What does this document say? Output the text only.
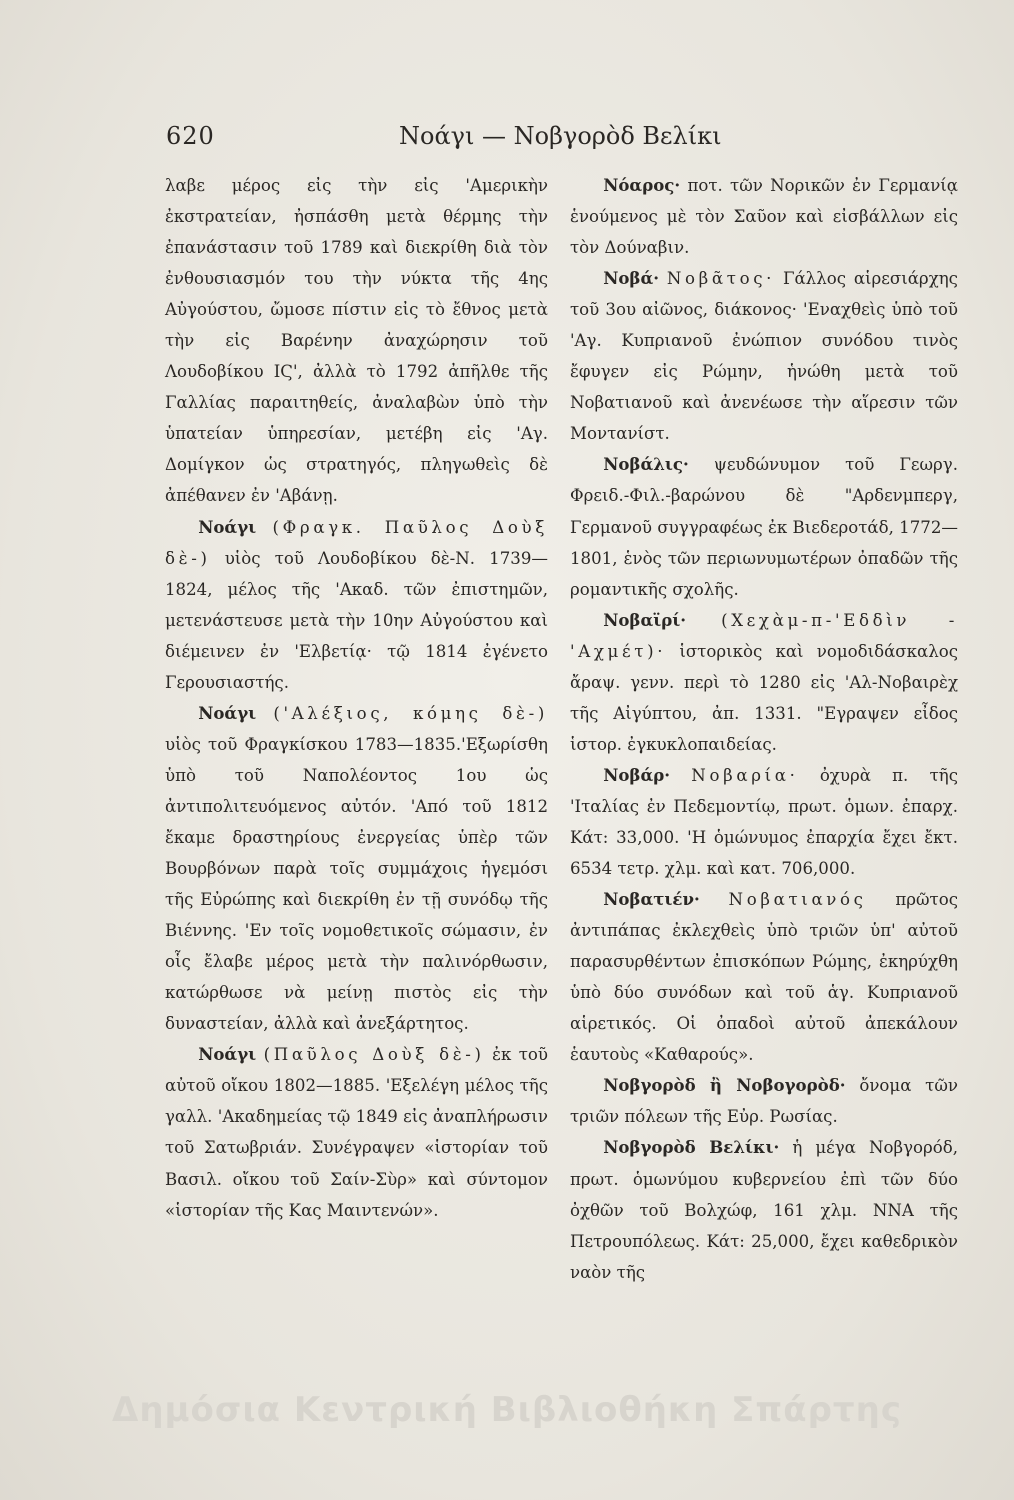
620	Νοάγι — Νοβγορὸδ Βελίκι

λαβε μέρος εἰς τὴν εἰς 'Αμερικὴν ἐκστρατείαν, ἠσπάσθη μετὰ θέρμης τὴν ἐπανάστασιν τοῦ 1789 καὶ διεκρίθη διὰ τὸν ἐνθουσιασμόν του τὴν νύκτα τῆς 4ης Αὐγούστου, ὤμοσε πίστιν εἰς τὸ ἔθνος μετὰ τὴν εἰς Βαρένην ἀναχώρησιν τοῦ Λουδοβίκου ΙϚ', ἀλλὰ τὸ 1792 ἀπῆλθε τῆς Γαλλίας παραιτηθείς, ἀναλαβὼν ὑπὸ τὴν ὑπατείαν ὑπηρεσίαν, μετέβη εἰς 'Αγ. Δομίγκον ὡς στρατηγός, πληγωθεὶς δὲ ἀπέθανεν ἐν 'Αβάνῃ.

Νοάγι (Φραγκ. Παῦλος Δοὺξ δὲ-) υἱὸς τοῦ Λουδοβίκου δὲ-Ν. 1739—1824, μέλος τῆς 'Ακαδ. τῶν ἐπιστημῶν, μετενάστευσε μετὰ τὴν 10ην Αὐγούστου καὶ διέμεινεν ἐν 'Ελβετίᾳ· τῷ 1814 ἐγένετο Γερουσιαστής.

Νοάγι ('Αλέξιος, κόμης δὲ-) υἱὸς τοῦ Φραγκίσκου 1783—1835.'Εξωρίσθη ὑπὸ τοῦ Ναπολέοντος 1ου ὡς ἀντιπολιτευόμενος αὐτόν. 'Από τοῦ 1812 ἔκαμε δραστηρίους ἐνεργείας ὑπὲρ τῶν Βουρβόνων παρὰ τοῖς συμμάχοις ἡγεμόσι τῆς Εὐρώπης καὶ διεκρίθη ἐν τῇ συνόδῳ τῆς Βιέννης. 'Εν τοῖς νομοθετικοῖς σώμασιν, ἐν οἷς ἔλαβε μέρος μετὰ τὴν παλινόρθωσιν, κατώρθωσε νὰ μείνῃ πιστὸς εἰς τὴν δυναστείαν, ἀλλὰ καὶ ἀνεξάρτητος.

Νοάγι (Παῦλος Δοὺξ δὲ-) ἐκ τοῦ αὐτοῦ οἴκου 1802—1885. 'Εξελέγη μέλος τῆς γαλλ. 'Ακαδημείας τῷ 1849 εἰς ἀναπλήρωσιν τοῦ Σατωβριάν. Συνέγραψεν «ἱστορίαν τοῦ Βασιλ. οἴκου τοῦ Σαίν-Σὺρ» καὶ σύντομον «ἱστορίαν τῆς Κας Μαιντενών».

Νόαρος· ποτ. τῶν Νορικῶν ἐν Γερμανίᾳ ἑνούμενος μὲ τὸν Σαῦον καὶ εἰσβάλλων εἰς τὸν Δούναβιν.

Νοβά· Νοβᾶτος· Γάλλος αἱρεσιάρχης τοῦ 3ου αἰῶνος, διάκονος· 'Εναχθεὶς ὑπὸ τοῦ 'Αγ. Κυπριανοῦ ἐνώπιον συνόδου τινὸς ἔφυγεν εἰς Ρώμην, ἡνώθη μετὰ τοῦ Νοβατιανοῦ καὶ ἀνενέωσε τὴν αἵρεσιν τῶν Μοντανίστ.

Νοβάλις· ψευδώνυμον τοῦ Γεωργ. Φρειδ.-Φιλ.-βαρώνου δὲ "Αρδενμπεργ, Γερμανοῦ συγγραφέως ἐκ Βιεδεροτάδ, 1772—1801, ἑνὸς τῶν περιωνυμωτέρων ὀπαδῶν τῆς ρομαντικῆς σχολῆς.

Νοβαϊρί· (Χεχὰμ-π-'Εδδὶν -'Αχμέτ)· ἱστορικὸς καὶ νομοδιδάσκαλος ἄραψ. γενν. περὶ τὸ 1280 εἰς 'Αλ-Νοβαιρὲχ τῆς Αἰγύπτου, ἀπ. 1331. "Εγραψεν εἶδος ἱστορ. ἐγκυκλοπαιδείας.

Νοβάρ· Νοβαρία· ὀχυρὰ π. τῆς 'Ιταλίας ἐν Πεδεμοντίῳ, πρωτ. ὁμων. ἐπαρχ. Κάτ: 33,000. 'Η ὁμώνυμος ἐπαρχία ἔχει ἔκτ. 6534 τετρ. χλμ. καὶ κατ. 706,000.

Νοβατιέν· Νοβατιανός πρῶτος ἀντιπάπας ἐκλεχθεὶς ὑπὸ τριῶν ὑπ' αὐτοῦ παρασυρθέντων ἐπισκόπων Ρώμης, ἐκηρύχθη ὑπὸ δύο συνόδων καὶ τοῦ ἁγ. Κυπριανοῦ αἱρετικός. Οἱ ὀπαδοὶ αὐτοῦ ἀπεκάλουν ἑαυτοὺς «Καθαρούς».

Νοβγορὸδ ἢ Νοβογορὸδ· ὄνομα τῶν τριῶν πόλεων τῆς Εὐρ. Ρωσίας.

Νοβγορὸδ Βελίκι· ἡ μέγα Νοβγορόδ, πρωτ. ὁμωνύμου κυβερνείου ἐπὶ τῶν δύο ὀχθῶν τοῦ Βολχώφ, 161 χλμ. ΝΝΑ τῆς Πετρουπόλεως. Κάτ: 25,000, ἔχει καθεδρικὸν ναὸν τῆς

Δημόσια Κεντρική Βιβλιοθήκη Σπάρτης
